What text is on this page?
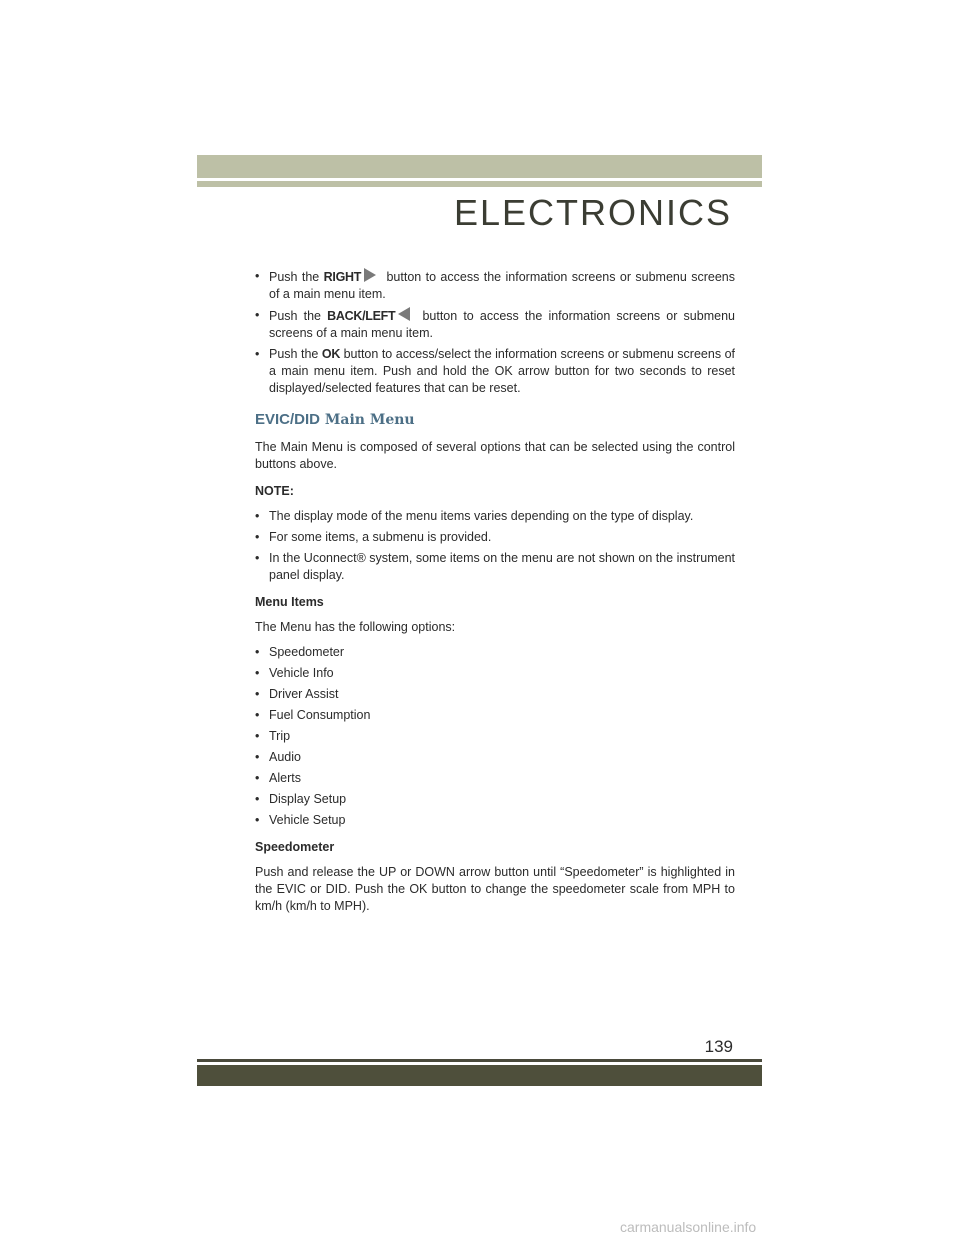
ELECTRONICS
• Push the RIGHT button to access the information screens or submenu screens of a main menu item.
• Push the BACK/LEFT button to access the information screens or submenu screens of a main menu item.
• Push the OK button to access/select the information screens or submenu screens of a main menu item. Push and hold the OK arrow button for two seconds to reset displayed/selected features that can be reset.
EVIC/DID Main Menu

The Main Menu is composed of several options that can be selected using the control buttons above.

NOTE:
• The display mode of the menu items varies depending on the type of display.
• For some items, a submenu is provided.
• In the Uconnect® system, some items on the menu are not shown on the instrument panel display.
Menu Items

The Menu has the following options:

• Speedometer
• Vehicle Info
• Driver Assist
• Fuel Consumption
• Trip
• Audio
• Alerts
• Display Setup
• Vehicle Setup
Speedometer

Push and release the UP or DOWN arrow button until “Speedometer” is highlighted in the EVIC or DID. Push the OK button to change the speedometer scale from MPH to km/h (km/h to MPH).

139
carmanualsonline.info
